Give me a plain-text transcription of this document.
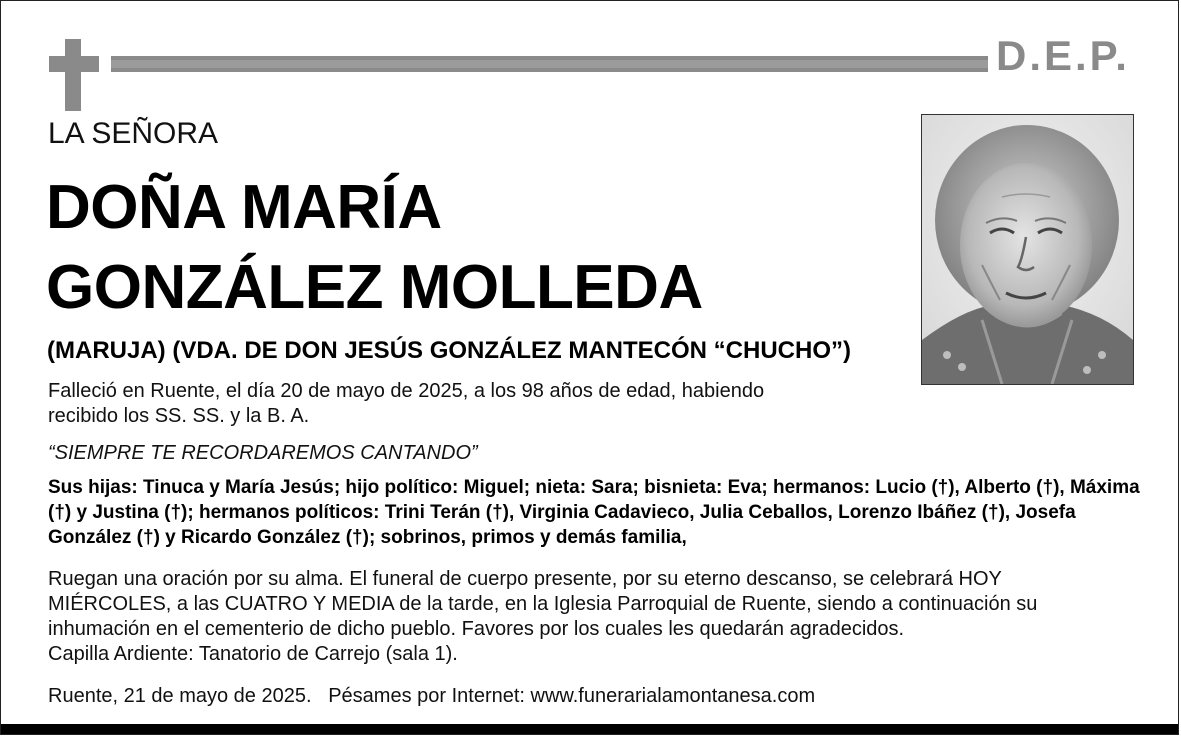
D.E.P.
LA SEÑORA
DOÑA MARÍA
GONZÁLEZ MOLLEDA
(MARUJA) (VDA. DE DON JESÚS GONZÁLEZ MANTECÓN “CHUCHO”)
Falleció en Ruente, el día 20 de mayo de 2025, a los 98 años de edad, habiendo recibido los SS. SS. y la B. A.
“SIEMPRE TE RECORDAREMOS CANTANDO”
Sus hijas: Tinuca y María Jesús; hijo político: Miguel; nieta: Sara; bisnieta: Eva; hermanos: Lucio (†), Alberto (†), Máxima (†) y Justina (†); hermanos políticos: Trini Terán (†), Virginia Cadavieco, Julia Ceballos, Lorenzo Ibáñez (†), Josefa González (†) y Ricardo González (†); sobrinos, primos y demás familia,
Ruegan una oración por su alma. El funeral de cuerpo presente, por su eterno descanso, se celebrará HOY MIÉRCOLES, a las CUATRO Y MEDIA de la tarde, en la Iglesia Parroquial de Ruente, siendo a continuación su inhumación en el cementerio de dicho pueblo. Favores por los cuales les quedarán agradecidos.
Capilla Ardiente: Tanatorio de Carrejo (sala 1).
Ruente, 21 de mayo de 2025. Pésames por Internet: www.funerarialamontanesa.com
